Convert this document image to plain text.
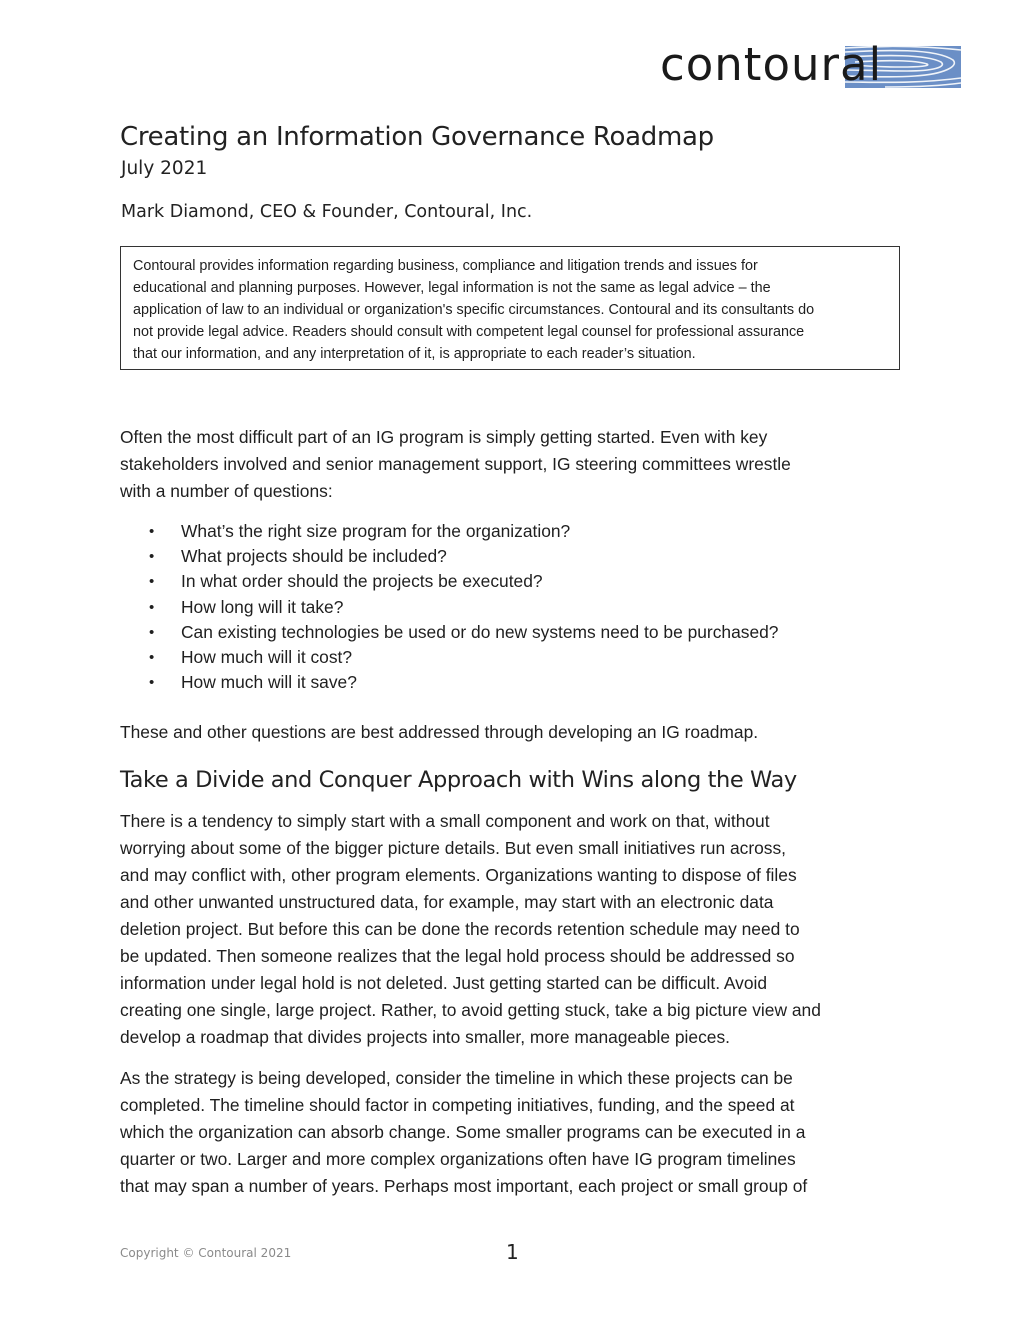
contoural
Creating an Information Governance Roadmap
July 2021
Mark Diamond, CEO & Founder, Contoural, Inc.
Contoural provides information regarding business, compliance and litigation trends and issues for
educational and planning purposes. However, legal information is not the same as legal advice – the
application of law to an individual or organization's specific circumstances. Contoural and its consultants do
not provide legal advice. Readers should consult with competent legal counsel for professional assurance
that our information, and any interpretation of it, is appropriate to each reader’s situation.
Often the most difficult part of an IG program is simply getting started. Even with key
stakeholders involved and senior management support, IG steering committees wrestle
with a number of questions:
• What’s the right size program for the organization?
• What projects should be included?
• In what order should the projects be executed?
• How long will it take?
• Can existing technologies be used or do new systems need to be purchased?
• How much will it cost?
• How much will it save?

These and other questions are best addressed through developing an IG roadmap.

Take a Divide and Conquer Approach with Wins along the Way
There is a tendency to simply start with a small component and work on that, without
worrying about some of the bigger picture details. But even small initiatives run across,
and may conflict with, other program elements. Organizations wanting to dispose of files
and other unwanted unstructured data, for example, may start with an electronic data
deletion project. But before this can be done the records retention schedule may need to
be updated. Then someone realizes that the legal hold process should be addressed so
information under legal hold is not deleted. Just getting started can be difficult. Avoid
creating one single, large project. Rather, to avoid getting stuck, take a big picture view and
develop a roadmap that divides projects into smaller, more manageable pieces.
As the strategy is being developed, consider the timeline in which these projects can be
completed. The timeline should factor in competing initiatives, funding, and the speed at
which the organization can absorb change. Some smaller programs can be executed in a
quarter or two. Larger and more complex organizations often have IG program timelines
that may span a number of years. Perhaps most important, each project or small group of
Copyright © Contoural 2021	1
